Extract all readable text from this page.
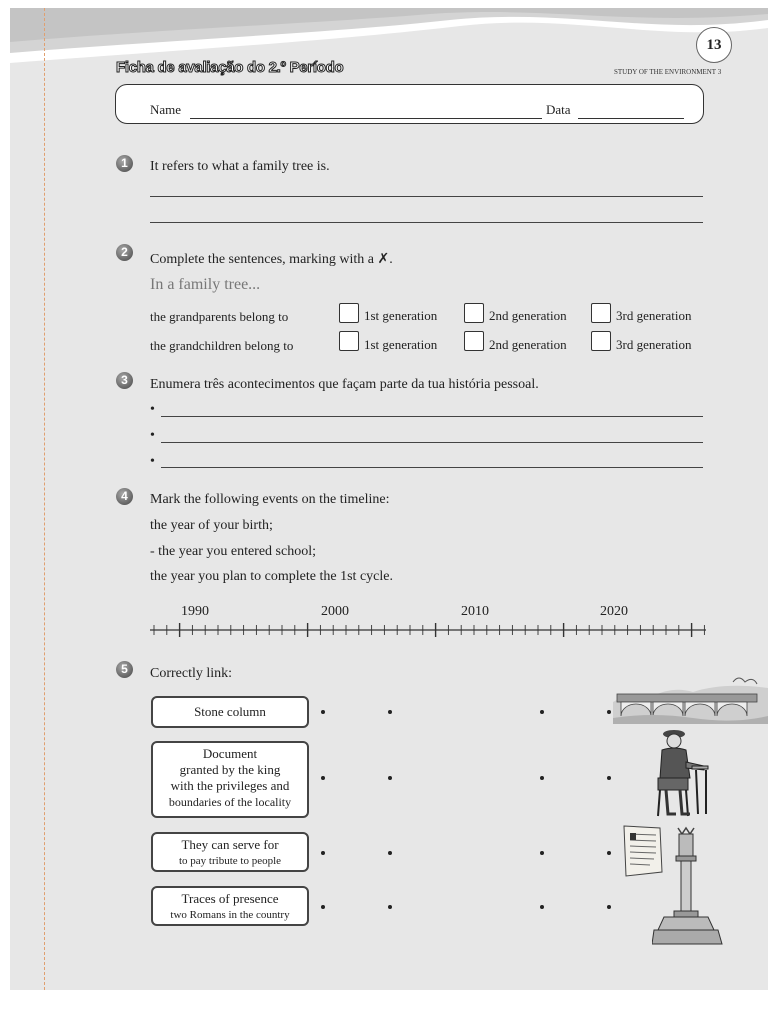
13
Ficha de avaliação do 2.º Período	STUDY OF THE ENVIRONMENT 3
Name	Data
1	It refers to what a family tree is.
2	Complete the sentences, marking with a ✗.
In a family tree...
the grandparents belong to	1st generation	2nd generation	3rd generation
the grandchildren belong to	1st generation	2nd generation	3rd generation
3	Enumera três acontecimentos que façam parte da tua história pessoal.
•
•
•
4	Mark the following events on the timeline:
the year of your birth;
- the year you entered school;
the year you plan to complete the 1st cycle.
1990	2000	2010	2020
5	Correctly link:
Stone column
Document
granted by the king
with the privileges and
boundaries of the locality
They can serve for
to pay tribute to people
Traces of presence
two Romans in the country
